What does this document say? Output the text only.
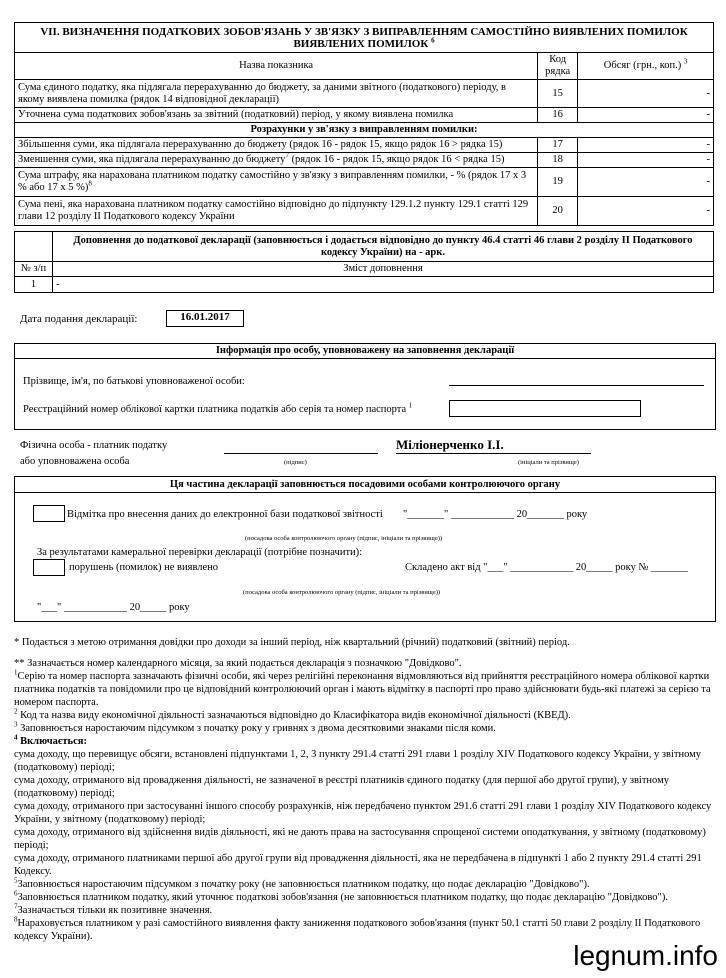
VII. ВИЗНАЧЕННЯ ПОДАТКОВИХ ЗОБОВ'ЯЗАНЬ У ЗВ'ЯЗКУ З ВИПРАВЛЕННЯМ САМОСТІЙНО ВИЯВЛЕНИХ ПОМИЛОК ВИЯВЛЕНИХ ПОМИЛОК $^6$
Назва показника	Код рядка	Обсяг (грн., коп.) $^3$
Сума єдиного податку, яка підлягала перерахуванню до бюджету, за даними звітного (податкового) періоду, в якому виявлена помилка (рядок 14 відповідної декларації)	15	-
Уточнена сума податкових зобов'язань за звітний (податковий) період, у якому виявлена помилка	16	-
Розрахунки у зв'язку з виправленням помилки:		
Збільшення суми, яка підлягала перерахуванню до бюджету (рядок 16 - рядок 15, якщо рядок 16 > рядка 15)	17	-
Зменшення суми, яка підлягала перерахуванню до бюджету$^7$ (рядок 16 - рядок 15, якщо рядок 16 < рядка 15)	18	-
Сума штрафу, яка нарахована платником податку самостійно у зв'язку з виправленням помилки, - % (рядок 17 х 3 % або 17 х 5 %)$^8$	19	-
Сума пені, яка нарахована платником податку самостійно відповідно до підпункту 129.1.2 пункту 129.1 статті 129 глави 12 розділу II Податкового кодексу України	20	-
	Доповнення до податкової декларації (заповнюється і додається відповідно до пункту 46.4 статті 46 глави 2 розділу II Податкового кодексу України) на - арк.
№ з/п	Зміст доповнення
1	-
Дата подання декларації:	16.01.2017
Інформація про особу, уповноважену на заповнення декларації
Прізвище, ім'я, по батькові уповноваженої особи:
Реєстраційний номер облікової картки платника податків або серія та номер паспорта $^1$
Фізична особа - платник податку
або уповноважена особа	(підпис)
Міліонерченко І.І.
(ініціали та прізвище)
Ця частина декларації заповнюється посадовими особами контролюючого органу
Відмітка про внесення даних до електронної бази податкової звітності "_______" ____________ 20_______ року
(посадова особа контролюючого органу (підпис, ініціали та прізвище))
За результатами камеральної перевірки декларації (потрібне позначити):
порушень (помилок) не виявлено	Складено акт від "___" ____________ 20_____ року № _______
(посадова особа контролюючого органу (підпис, ініціали та прізвище))
"___" ____________ 20_____ року
* Подається з метою отримання довідки про доходи за інший період, ніж квартальний (річний) податковий (звітний) період.
** Зазначається номер календарного місяця, за який подається декларація з позначкою "Довідково".
$^1$Серію та номер паспорта зазначають фізичні особи, які через релігійні переконання відмовляються від прийняття реєстраційного номера облікової картки платника податків та повідомили про це відповідний контролюючий орган і мають відмітку в паспорті про право здійснювати будь-які платежі за серією та номером паспорта.
$^2$ Код та назва виду економічної діяльності зазначаються відповідно до Класифікатора видів економічної діяльності (КВЕД).
$^3$ Заповнюється наростаючим підсумком з початку року у гривнях з двома десятковими знаками після коми.
$^4$ Включається:
сума доходу, що перевищує обсяги, встановлені підпунктами 1, 2, 3 пункту 291.4 статті 291 глави 1 розділу XIV Податкового кодексу України, у звітному (податковому) періоді;
сума доходу, отриманого від провадження діяльності, не зазначеної в реєстрі платників єдиного податку (для першої або другої групи), у звітному (податковому) періоді;
сума доходу, отриманого при застосуванні іншого способу розрахунків, ніж передбачено пунктом 291.6 статті 291 глави 1 розділу XIV Податкового кодексу України, у звітному (податковому) періоді;
сума доходу, отриманого від здійснення видів діяльності, які не дають права на застосування спрощеної системи оподаткування, у звітному (податковому) періоді;
сума доходу, отриманого платниками першої або другої групи від провадження діяльності, яка не передбачена в підпункті 1 або 2 пункту 291.4 статті 291 Кодексу.
$^5$Заповнюється наростаючим підсумком з початку року (не заповнюється платником податку, що подає декларацію "Довідково").
$^6$Заповнюється платником податку, який уточнює податкові зобов'язання (не заповнюється платником податку, що подає декларацію "Довідково").
$^7$Зазначається тільки як позитивне значення.
$^8$Нараховується платником у разі самостійного виявлення факту заниження податкового зобов'язання (пункт 50.1 статті 50 глави 2 розділу II Податкового кодексу України).
legnum.info
